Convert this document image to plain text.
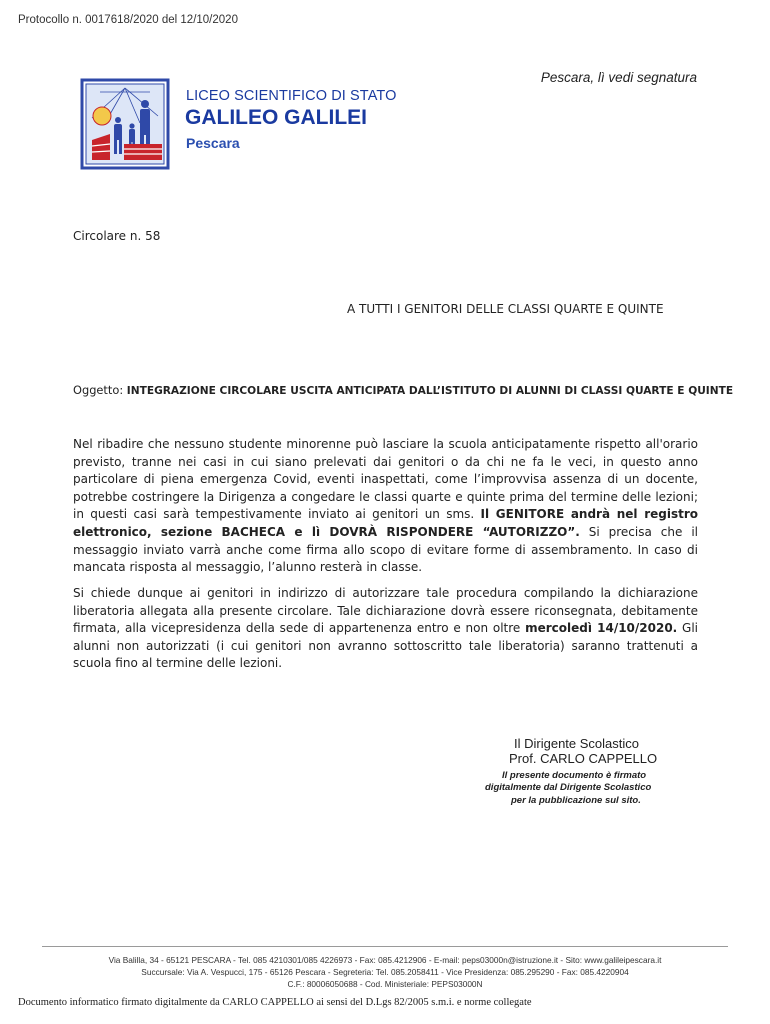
Protocollo n. 0017618/2020 del 12/10/2020
Pescara, lì vedi segnatura
LICEO SCIENTIFICO DI STATO
GALILEO GALILEI
Pescara
Circolare n. 58
A TUTTI I GENITORI DELLE CLASSI QUARTE E QUINTE
Oggetto: INTEGRAZIONE CIRCOLARE USCITA ANTICIPATA DALL’ISTITUTO DI ALUNNI DI CLASSI QUARTE E QUINTE
Nel ribadire che nessuno studente minorenne può lasciare la scuola anticipatamente rispetto all'orario previsto, tranne nei casi in cui siano prelevati dai genitori o da chi ne fa le veci, in questo anno particolare di piena emergenza Covid, eventi inaspettati, come l’improvvisa assenza di un docente, potrebbe costringere la Dirigenza a congedare le classi quarte e quinte prima del termine delle lezioni; in questi casi sarà tempestivamente inviato ai genitori un sms. Il GENITORE andrà nel registro elettronico, sezione BACHECA e lì DOVRÀ RISPONDERE “AUTORIZZO”. Si precisa che il messaggio inviato varrà anche come firma allo scopo di evitare forme di assembramento. In caso di mancata risposta al messaggio, l’alunno resterà in classe.
Si chiede dunque ai genitori in indirizzo di autorizzare tale procedura compilando la dichiarazione liberatoria allegata alla presente circolare. Tale dichiarazione dovrà essere riconsegnata, debitamente firmata, alla vicepresidenza della sede di appartenenza entro e non oltre mercoledì 14/10/2020. Gli alunni non autorizzati (i cui genitori non avranno sottoscritto tale liberatoria) saranno trattenuti a scuola fino al termine delle lezioni.
Il Dirigente Scolastico
Prof. CARLO CAPPELLO
Il presente documento è firmato
digitalmente dal Dirigente Scolastico
per la pubblicazione sul sito.
Via Balilla, 34 - 65121 PESCARA - Tel. 085 4210301/085 4226973 - Fax: 085.4212906 - E-mail: peps03000n@istruzione.it - Sito: www.galileipescara.it
Succursale: Via A. Vespucci, 175 - 65126 Pescara - Segreteria: Tel. 085.2058411 - Vice Presidenza: 085.295290 - Fax: 085.4220904
C.F.: 80006050688 - Cod. Ministeriale: PEPS03000N
Documento informatico firmato digitalmente da CARLO CAPPELLO ai sensi del D.Lgs 82/2005 s.m.i. e norme collegate
